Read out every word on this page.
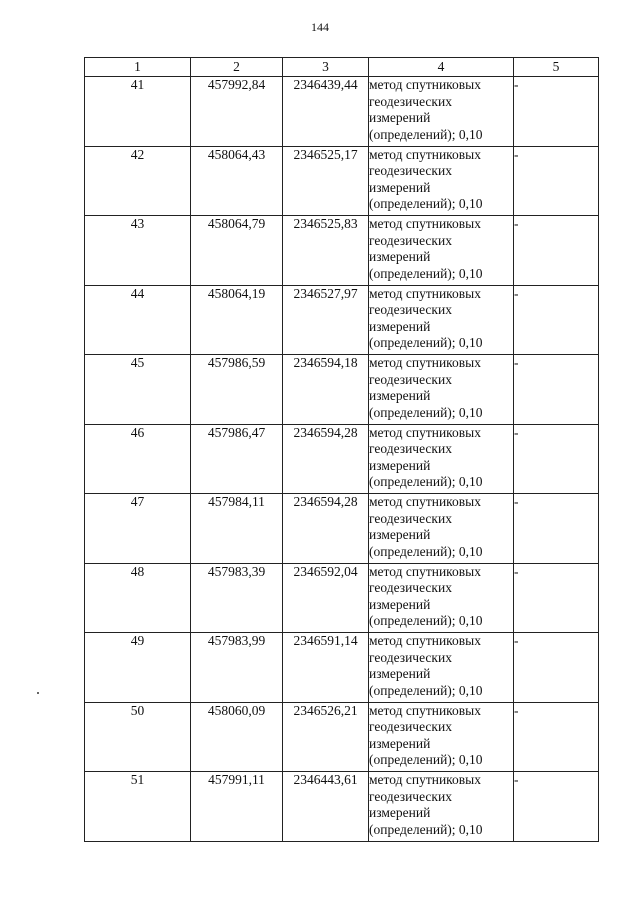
144
1	2	3	4	5
41	457992,84	2346439,44	метод спутниковых
геодезических
измерений
(определений); 0,10	-
42	458064,43	2346525,17	метод спутниковых
геодезических
измерений
(определений); 0,10	-
43	458064,79	2346525,83	метод спутниковых
геодезических
измерений
(определений); 0,10	-
44	458064,19	2346527,97	метод спутниковых
геодезических
измерений
(определений); 0,10	-
45	457986,59	2346594,18	метод спутниковых
геодезических
измерений
(определений); 0,10	-
46	457986,47	2346594,28	метод спутниковых
геодезических
измерений
(определений); 0,10	-
47	457984,11	2346594,28	метод спутниковых
геодезических
измерений
(определений); 0,10	-
48	457983,39	2346592,04	метод спутниковых
геодезических
измерений
(определений); 0,10	-
49	457983,99	2346591,14	метод спутниковых
геодезических
измерений
(определений); 0,10	-
50	458060,09	2346526,21	метод спутниковых
геодезических
измерений
(определений); 0,10	-
51	457991,11	2346443,61	метод спутниковых
геодезических
измерений
(определений); 0,10	-
